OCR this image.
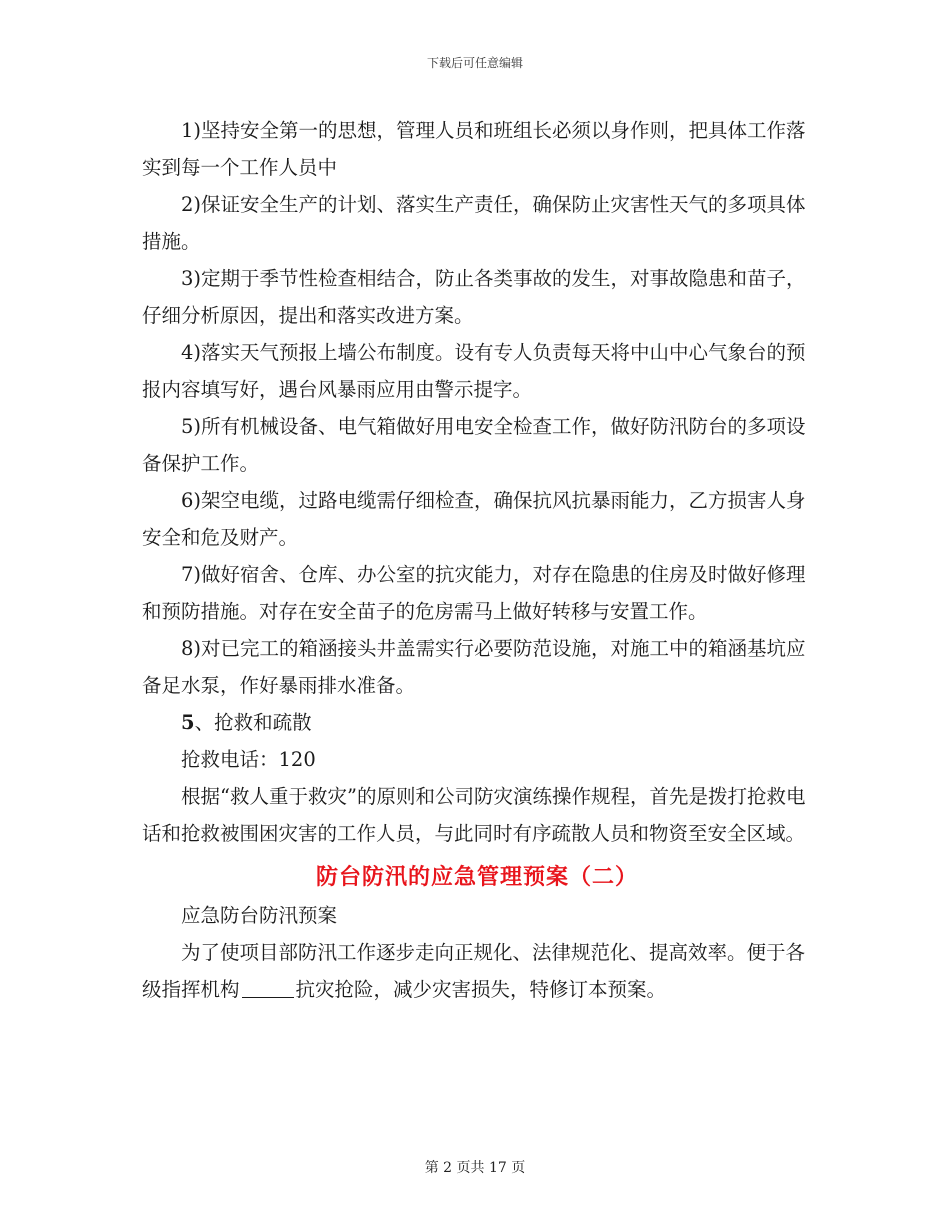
下载后可任意编辑

1)坚持安全第一的思想，管理人员和班组长必须以身作则，把具体工作落实到每一个工作人员中

2)保证安全生产的计划、落实生产责任，确保防止灾害性天气的多项具体措施。

3)定期于季节性检查相结合，防止各类事故的发生，对事故隐患和苗子，仔细分析原因，提出和落实改进方案。

4)落实天气预报上墙公布制度。设有专人负责每天将中山中心气象台的预报内容填写好，遇台风暴雨应用由警示提字。

5)所有机械设备、电气箱做好用电安全检查工作，做好防汛防台的多项设备保护工作。

6)架空电缆，过路电缆需仔细检查，确保抗风抗暴雨能力，乙方损害人身安全和危及财产。

7)做好宿舍、仓库、办公室的抗灾能力，对存在隐患的住房及时做好修理和预防措施。对存在安全苗子的危房需马上做好转移与安置工作。

8)对已完工的箱涵接头井盖需实行必要防范设施，对施工中的箱涵基坑应备足水泵，作好暴雨排水准备。

5、抢救和疏散

抢救电话：120

根据“救人重于救灾”的原则和公司防灾演练操作规程，首先是拨打抢救电话和抢救被围困灾害的工作人员，与此同时有序疏散人员和物资至安全区域。

防台防汛的应急管理预案（二）

应急防台防汛预案

为了使项目部防汛工作逐步走向正规化、法律规范化、提高效率。便于各级指挥机构	抗灾抢险，减少灾害损失，特修订本预案。

第 2 页共 17 页
